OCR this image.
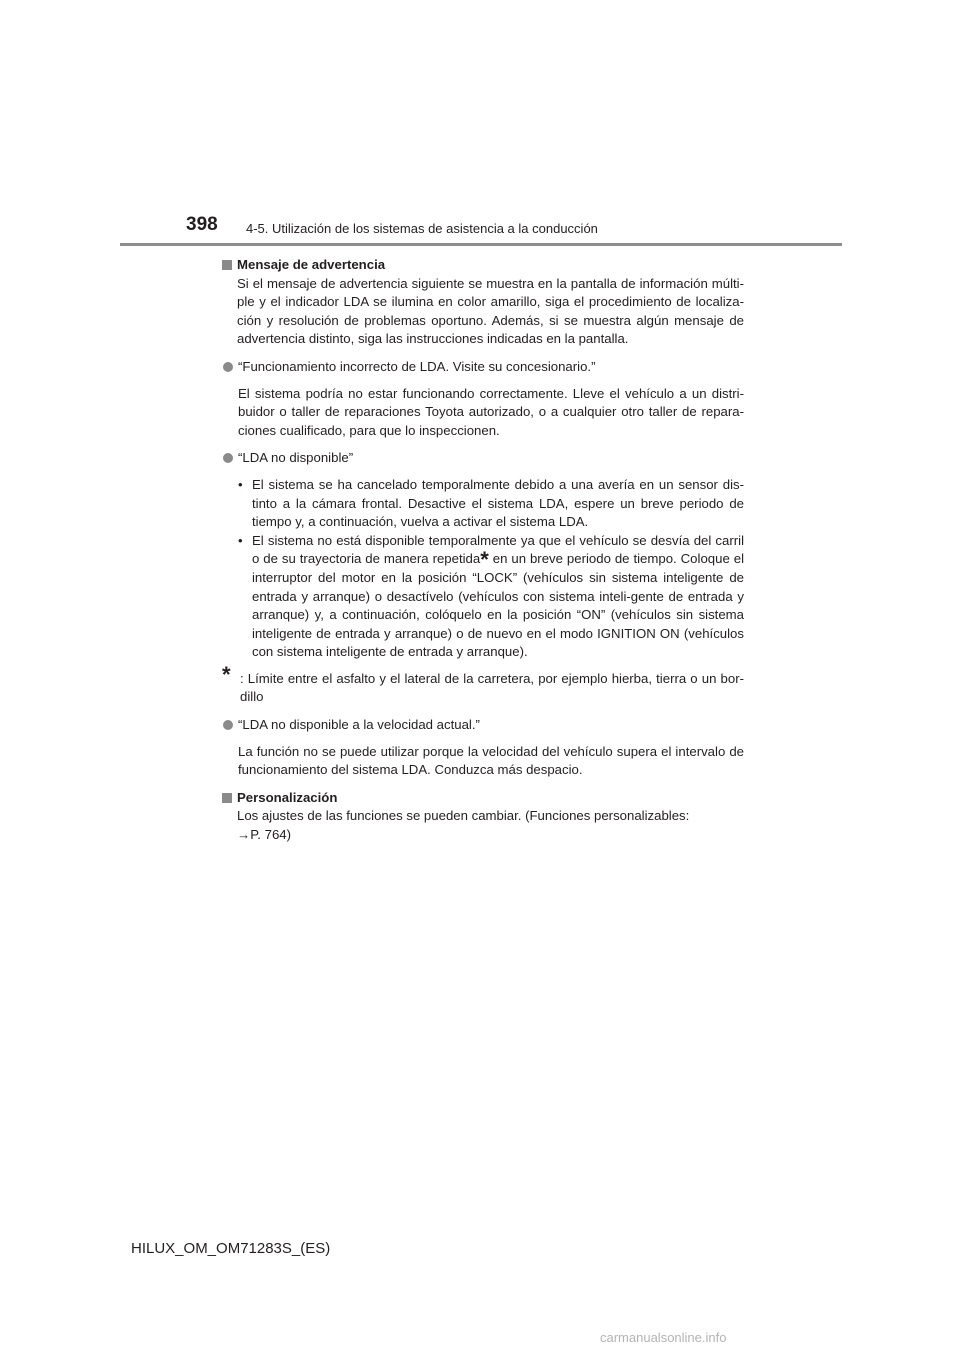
398 4-5. Utilización de los sistemas de asistencia a la conducción

Mensaje de advertencia

Si el mensaje de advertencia siguiente se muestra en la pantalla de información múlti-ple y el indicador LDA se ilumina en color amarillo, siga el procedimiento de localiza-ción y resolución de problemas oportuno. Además, si se muestra algún mensaje de advertencia distinto, siga las instrucciones indicadas en la pantalla.

“Funcionamiento incorrecto de LDA. Visite su concesionario.”

El sistema podría no estar funcionando correctamente. Lleve el vehículo a un distri-buidor o taller de reparaciones Toyota autorizado, o a cualquier otro taller de repara-ciones cualificado, para que lo inspeccionen.

“LDA no disponible”

• El sistema se ha cancelado temporalmente debido a una avería en un sensor dis-tinto a la cámara frontal. Desactive el sistema LDA, espere un breve periodo de tiempo y, a continuación, vuelva a activar el sistema LDA.

• El sistema no está disponible temporalmente ya que el vehículo se desvía del carril o de su trayectoria de manera repetida* en un breve periodo de tiempo. Coloque el interruptor del motor en la posición “LOCK” (vehículos sin sistema inteligente de entrada y arranque) o desactívelo (vehículos con sistema inteli-gente de entrada y arranque) y, a continuación, colóquelo en la posición “ON” (vehículos sin sistema inteligente de entrada y arranque) o de nuevo en el modo IGNITION ON (vehículos con sistema inteligente de entrada y arranque).

* : Límite entre el asfalto y el lateral de la carretera, por ejemplo hierba, tierra o un bor-dillo

“LDA no disponible a la velocidad actual.”

La función no se puede utilizar porque la velocidad del vehículo supera el intervalo de funcionamiento del sistema LDA. Conduzca más despacio.

Personalización

Los ajustes de las funciones se pueden cambiar. (Funciones personalizables:
→P. 764)

HILUX_OM_OM71283S_(ES)
carmanualsonline.info
